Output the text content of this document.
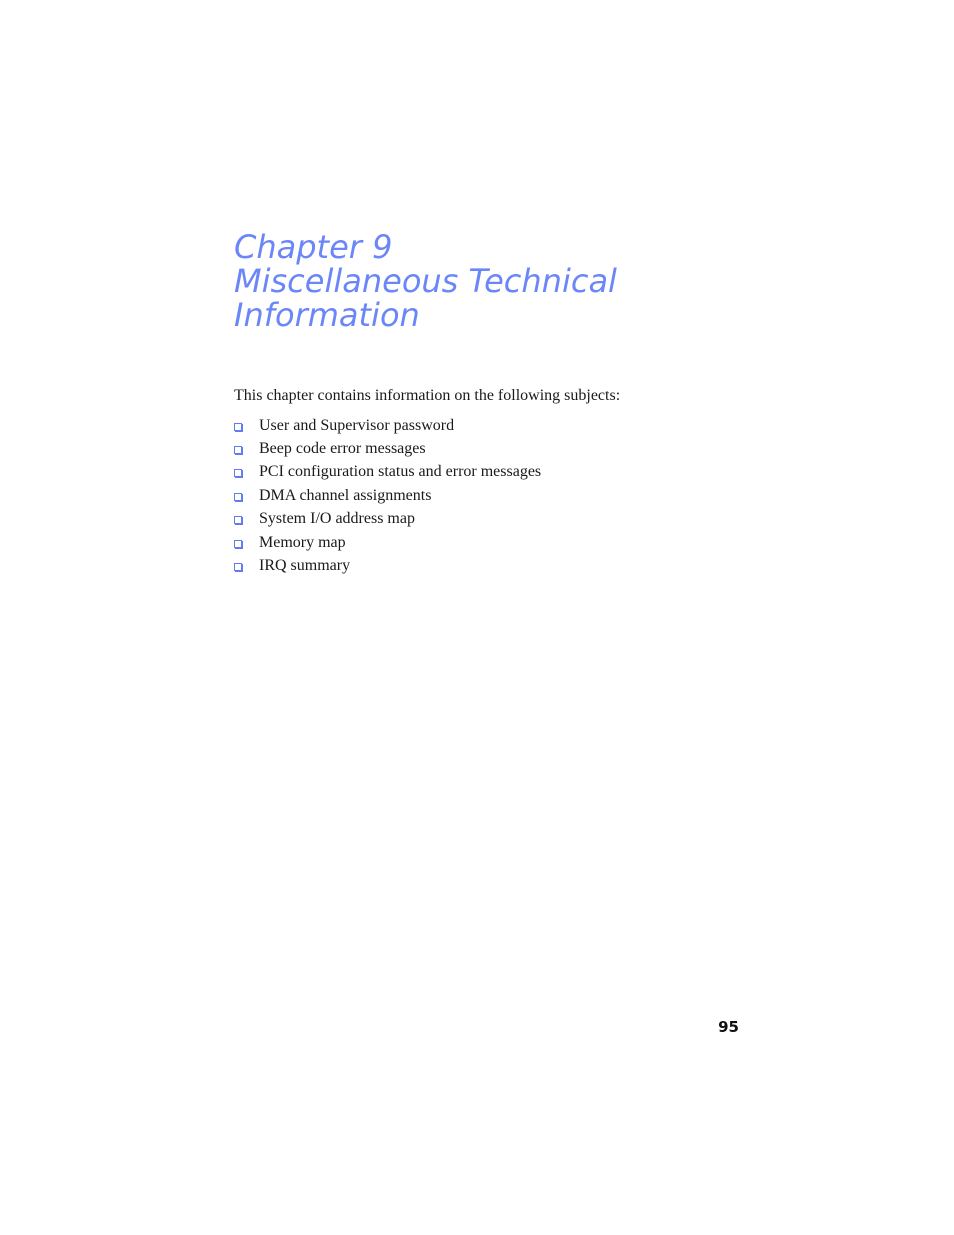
Chapter 9
Miscellaneous Technical
Information

This chapter contains information on the following subjects:

User and Supervisor password
Beep code error messages
PCI configuration status and error messages
DMA channel assignments
System I/O address map
Memory map
IRQ summary
95
